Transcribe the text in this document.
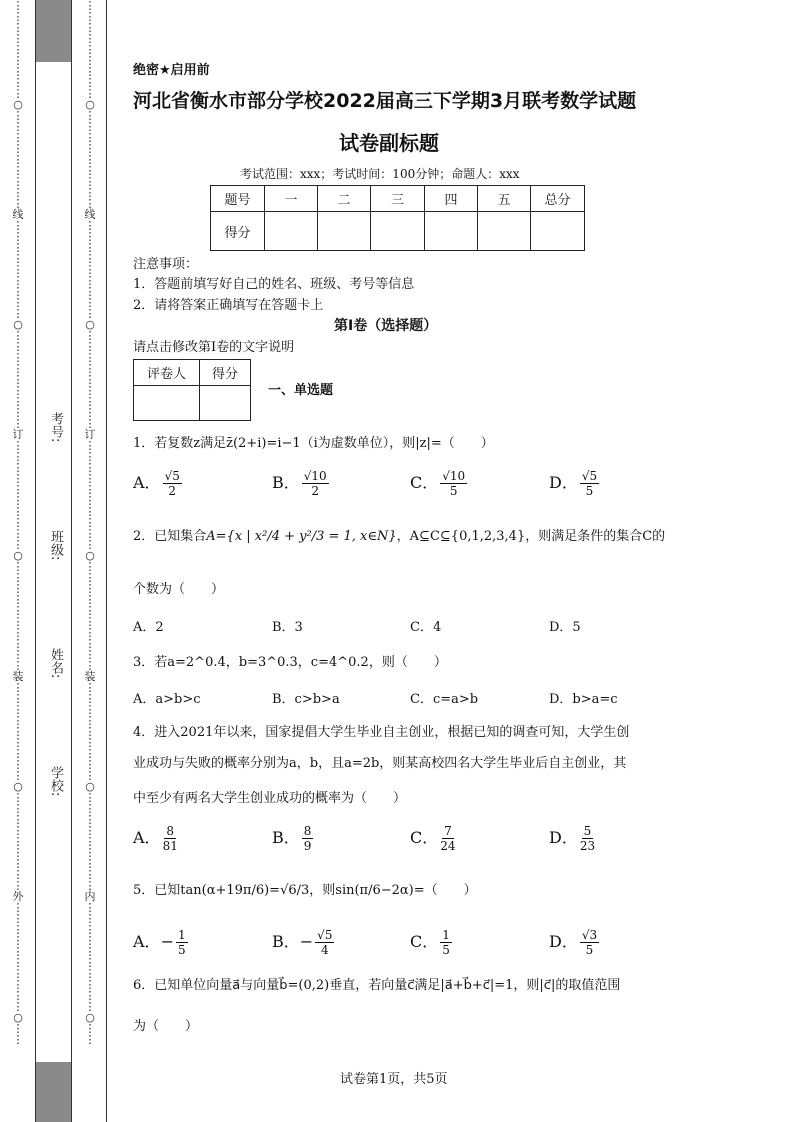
⋮
⋮
⋮
⋮
⋮
⋮
⋮
⋮
⋮
○
⋮
⋮
⋮
⋮
⋮
⋮
⋮
⋮
⋮
线
⋮
⋮
⋮
⋮
⋮
⋮
⋮
⋮
⋮
○
⋮
⋮
⋮
⋮
⋮
⋮
⋮
⋮
⋮
订
⋮
⋮
⋮
⋮
⋮
⋮
⋮
⋮
⋮
⋮
○
⋮
⋮
⋮
⋮
⋮
⋮
⋮
⋮
⋮
⋮
装
⋮
⋮
⋮
⋮
⋮
⋮
⋮
⋮
⋮
○
⋮
⋮
⋮
⋮
⋮
⋮
⋮
⋮
⋮
外
⋮
⋮
⋮
⋮
⋮
⋮
⋮
⋮
⋮
⋮
○
⋮
⋮
⋮
⋮
⋮
⋮
⋮
⋮
⋮
⋮
⋮
○
⋮
⋮
⋮
⋮
⋮
⋮
⋮
⋮
⋮
线
⋮
⋮
⋮
⋮
⋮
⋮
⋮
⋮
⋮
○
⋮
⋮
⋮
⋮
⋮
⋮
⋮
⋮
⋮
订
⋮
⋮
⋮
⋮
⋮
⋮
⋮
⋮
⋮
⋮
○
⋮
⋮
⋮
⋮
⋮
⋮
⋮
⋮
⋮
⋮
装
⋮
⋮
⋮
⋮
⋮
⋮
⋮
⋮
⋮
○
⋮
⋮
⋮
⋮
⋮
⋮
⋮
⋮
⋮
内
⋮
⋮
⋮
⋮
⋮
⋮
⋮
⋮
⋮
⋮
○
⋮
⋮
考号:
班级:
姓名:
学校:
绝密★启用前
河北省衡水市部分学校2022届高三下学期3月联考数学试题
试卷副标题
考试范围：xxx；考试时间：100分钟；命题人：xxx
题号	一	二	三	四	五	总分
得分						
注意事项：
1．答题前填写好自己的姓名、班级、考号等信息
2．请将答案正确填写在答题卡上
第I卷（选择题）
请点击修改第I卷的文字说明
评卷人	得分

一、单选题
1．若复数z满足z̄(2+i)=i−1（i为虚数单位），则|z|=（　　）
A． $\frac{√5}{2}$	B． $\frac{√10}{2}$	C． $\frac{√10}{5}$	D． $\frac{√5}{5}$
2．已知集合A={x | x²/4 + y²/3 = 1, x∈N}，A⊆C⊆{0,1,2,3,4}，则满足条件的集合C的
个数为（　　）
A．2	B．3	C．4	D．5
3．若a=2^0.4，b=3^0.3，c=4^0.2，则（　　）
A．a>b>c	B．c>b>a	C．c=a>b	D．b>a=c
4．进入2021年以来，国家提倡大学生毕业自主创业，根据已知的调查可知，大学生创
业成功与失败的概率分别为a，b，且a=2b，则某高校四名大学生毕业后自主创业，其
中至少有两名大学生创业成功的概率为（　　）
A． $\frac{8}{81}$	B． $\frac{8}{9}$	C． $\frac{7}{24}$	D． $\frac{5}{23}$
5．已知tan(α+19π/6)=√6/3，则sin(π/6−2α)=（　　）
A．− $\frac{1}{5}$	B．− $\frac{√5}{4}$	C． $\frac{1}{5}$	D． $\frac{√3}{5}$
6．已知单位向量a⃗与向量b⃗=(0,2)垂直，若向量c⃗满足|a⃗+b⃗+c⃗|=1，则|c⃗|的取值范围
为（　　）
试卷第1页，共5页
